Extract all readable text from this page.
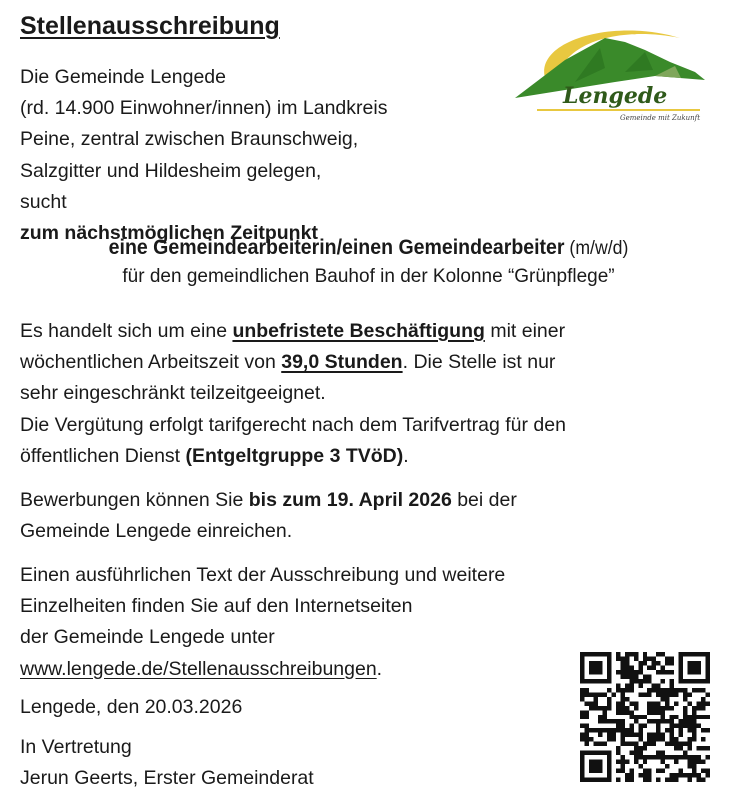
Stellenausschreibung
Die Gemeinde Lengede
(rd. 14.900 Einwohner/innen) im Landkreis
Peine, zentral zwischen Braunschweig,
Salzgitter und Hildesheim gelegen,
sucht
zum nächstmöglichen Zeitpunkt
Lengede
Gemeinde mit Zukunft
eine Gemeindearbeiterin/einen Gemeindearbeiter (m/w/d)
für den gemeindlichen Bauhof in der Kolonne “Grünpflege”
Es handelt sich um eine unbefristete Beschäftigung mit einer
wöchentlichen Arbeitszeit von 39,0 Stunden. Die Stelle ist nur
sehr eingeschränkt teilzeitgeeignet.
Die Vergütung erfolgt tarifgerecht nach dem Tarifvertrag für den
öffentlichen Dienst (Entgeltgruppe 3 TVöD).
Bewerbungen können Sie bis zum 19. April 2026 bei der
Gemeinde Lengede einreichen.
Einen ausführlichen Text der Ausschreibung und weitere
Einzelheiten finden Sie auf den Internetseiten
der Gemeinde Lengede unter
www.lengede.de/Stellenausschreibungen.
Lengede, den 20.03.2026
In Vertretung
Jerun Geerts, Erster Gemeinderat
